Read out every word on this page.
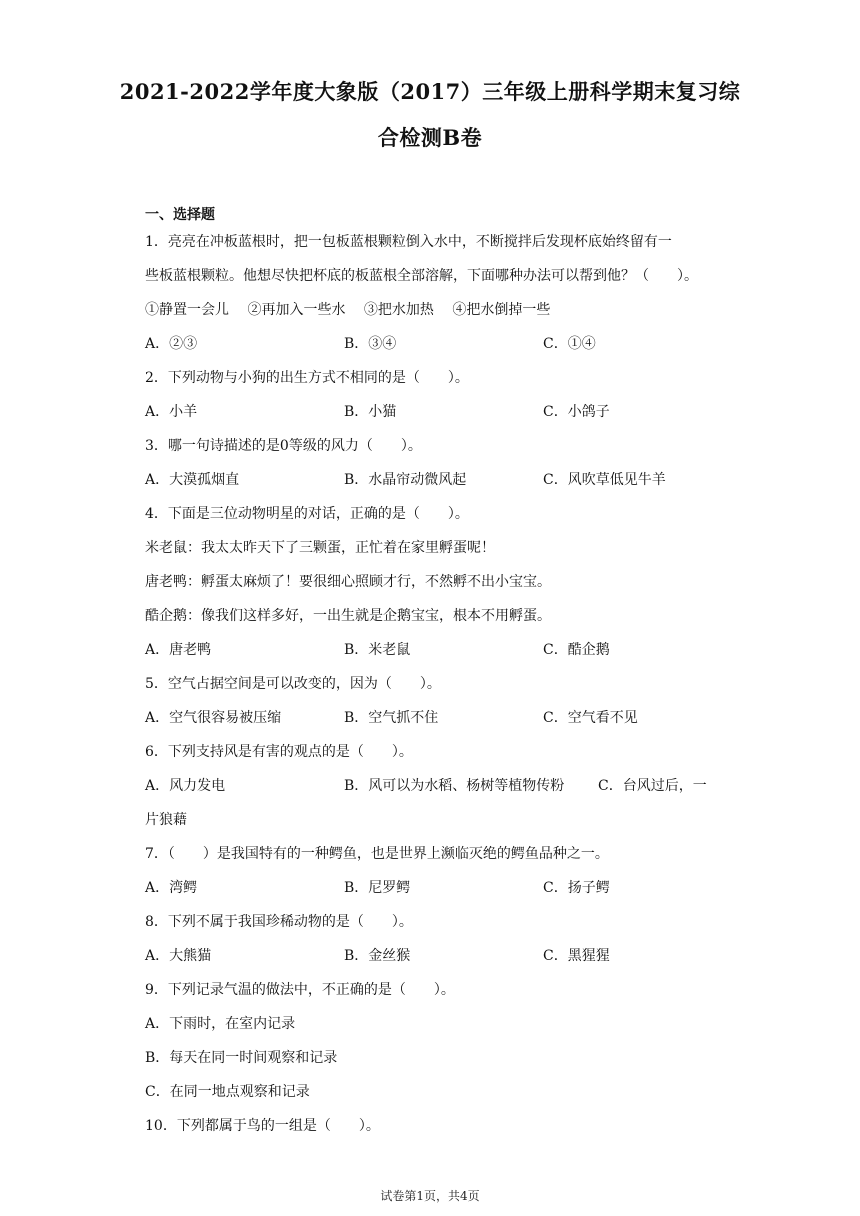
2021-2022学年度大象版（2017）三年级上册科学期末复习综
合检测B卷
一、选择题
1．亮亮在冲板蓝根时，把一包板蓝根颗粒倒入水中，不断搅拌后发现杯底始终留有一
些板蓝根颗粒。他想尽快把杯底的板蓝根全部溶解，下面哪种办法可以帮到他？（　　）。
①静置一会儿　 ②再加入一些水　 ③把水加热　 ④把水倒掉一些
A．②③	B．③④	C．①④
2．下列动物与小狗的出生方式不相同的是（　　）。
A．小羊	B．小猫	C．小鸽子
3．哪一句诗描述的是0等级的风力（　　）。
A．大漠孤烟直	B．水晶帘动微风起	C．风吹草低见牛羊
4．下面是三位动物明星的对话，正确的是（　　）。
米老鼠：我太太昨天下了三颗蛋，正忙着在家里孵蛋呢！
唐老鸭：孵蛋太麻烦了！要很细心照顾才行，不然孵不出小宝宝。
酷企鹅：像我们这样多好，一出生就是企鹅宝宝，根本不用孵蛋。
A．唐老鸭	B．米老鼠	C．酷企鹅
5．空气占据空间是可以改变的，因为（　　）。
A．空气很容易被压缩	B．空气抓不住	C．空气看不见
6．下列支持风是有害的观点的是（　　）。
A．风力发电	B．风可以为水稻、杨树等植物传粉 C．台风过后，一
片狼藉
7．（　　）是我国特有的一种鳄鱼，也是世界上濒临灭绝的鳄鱼品种之一。
A．湾鳄	B．尼罗鳄	C．扬子鳄
8．下列不属于我国珍稀动物的是（　　）。
A．大熊猫	B．金丝猴	C．黑猩猩
9．下列记录气温的做法中，不正确的是（　　）。
A．下雨时，在室内记录
B．每天在同一时间观察和记录
C．在同一地点观察和记录
10．下列都属于鸟的一组是（　　）。
试卷第1页，共4页
